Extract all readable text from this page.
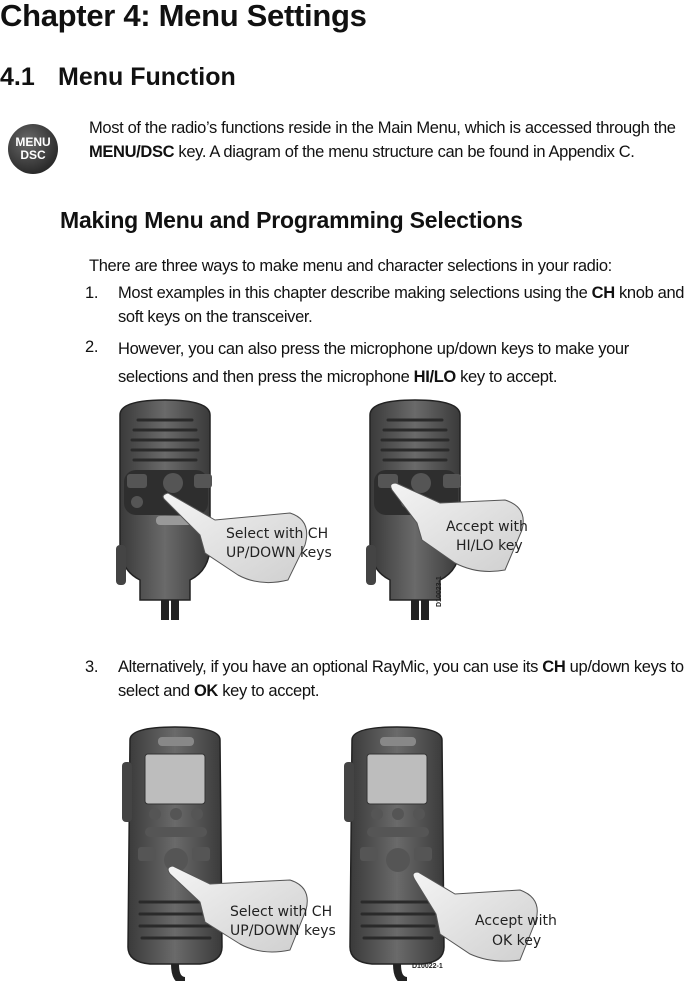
Chapter 4: Menu Settings
4.1 Menu Function
MENU
DSC
Most of the radio’s functions reside in the Main Menu, which is accessed through the MENU/DSC key. A diagram of the menu structure can be found in Appendix C.
Making Menu and Programming Selections
There are three ways to make menu and character selections in your radio:
1.	Most examples in this chapter describe making selections using the CH knob and soft keys on the transceiver.
2.	However, you can also press the microphone up/down keys to make your selections and then press the microphone HI/LO key to accept.
Select with CH
UP/DOWN keys
Accept with
HI/LO key
D10023-1
3.	Alternatively, if you have an optional RayMic, you can use its CH up/down keys to select and OK key to accept.
Select with CH
UP/DOWN keys
Accept with
OK key
D10022-1
